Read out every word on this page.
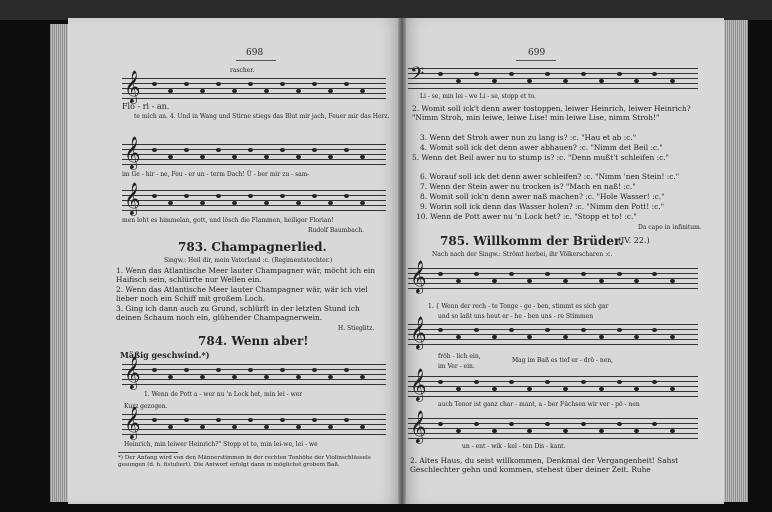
698
rascher.
𝄞
Flo - ri - an.
te mich an. 4. Und in Wang und Stirne stiegs das Blut mir jach, Feuer mir das Herz.
𝄞
im Ge - hir - ne, Feu - er un - term Dach! Ü - ber mir zu - sam-
𝄞
men loht es himmelan, gott, und lösch die Flammen, heiliger Florian!
Rudolf Baumbach.
783. Champagnerlied.
Singw.: Heil dir, mein Vaterland :c. (Regimentstochter.)
1. Wenn das Atlantische Meer lauter Champagner wär, möcht ich ein Haifisch sein, schlürfte nur Wellen ein.
2. Wenn das Atlantische Meer lauter Champagner wär, wär ich viel lieber noch ein Schiff mit großem Loch.
3. Ging ich dann auch zu Grund, schlürft in der letzten Stund ich deinen Schaum noch ein, glühender Champagnerwein.
H. Stieglitz.
784. Wenn aber!
Mäßig geschwind.*)
𝄞
1. Wenn de Pott a - wer nu 'n Lock het, min lei - wer
Kurz gezogen.
𝄞
Heinrich, min leiwer Heinrich?" Stopp et to, min lei-we, lei - we
*) Der Anfang wird von den Männerstimmen in der rechten Tonhöhe der Violinschlüssels gesungen (d. h. fistuliert). Die Antwort erfolgt dann in möglichst grobem Baß.
699
𝄢
Li - se, min lei - we Li - se, stopp et to.
2. Womit soll ick't denn awer tostoppen, leiwer Heinrich, leiwer Heinrich? "Nimm Stroh, min leiwe, leiwe Lise! min leiwe Lise, nimm Stroh!"
3. Wenn det Stroh awer nun zu lang is? :c. "Hau et ab :c."
4. Womit soll ick det denn awer abhauen? :c. "Nimm det Beil :c."
5. Wenn det Beil awer nu to stump is? :c. "Denn mußt't schleifen :c."
6. Worauf soll ick det denn awer schleifen? :c. "Nimm 'nen Stein! :c."
7. Wenn der Stein awer nu trocken is? "Mach en naß! :c."
8. Womit soll ick'n denn awer naß machen? :c. "Hole Wasser! :c."
9. Worin soll ick denn das Wasser holen? :c. "Nimm den Pott! :c."
10. Wenn de Pott awer nu 'n Lock het? :c. "Stopp et to! :c."
Da capo in infinitum.
785. Willkomm der Brüder.
(IV. 22.)
Nach nach der Singw.: Strömt herbei, ihr Völkerscharen :c.
𝄞
1. { Wenn der rech - te Tonge - ge - ben, stimmt es sich gar
und so laßt uns heut er - he - ben uns - re Stimmen
𝄞
fröh - lich ein,
im Ver - ein.
Mag im Baß es tief er - drö - nen,
𝄞
auch Tenor ist ganz char - mant, a - ber Füchsen wir ver - pö - nen
𝄞
un - ent - wik - kel - ten Dis - kant.
2. Altes Haus, du seist willkommen, Denkmal der Vergangenheit! Sahst Geschlechter gehn und kommen, stehest über deiner Zeit. Ruhe
